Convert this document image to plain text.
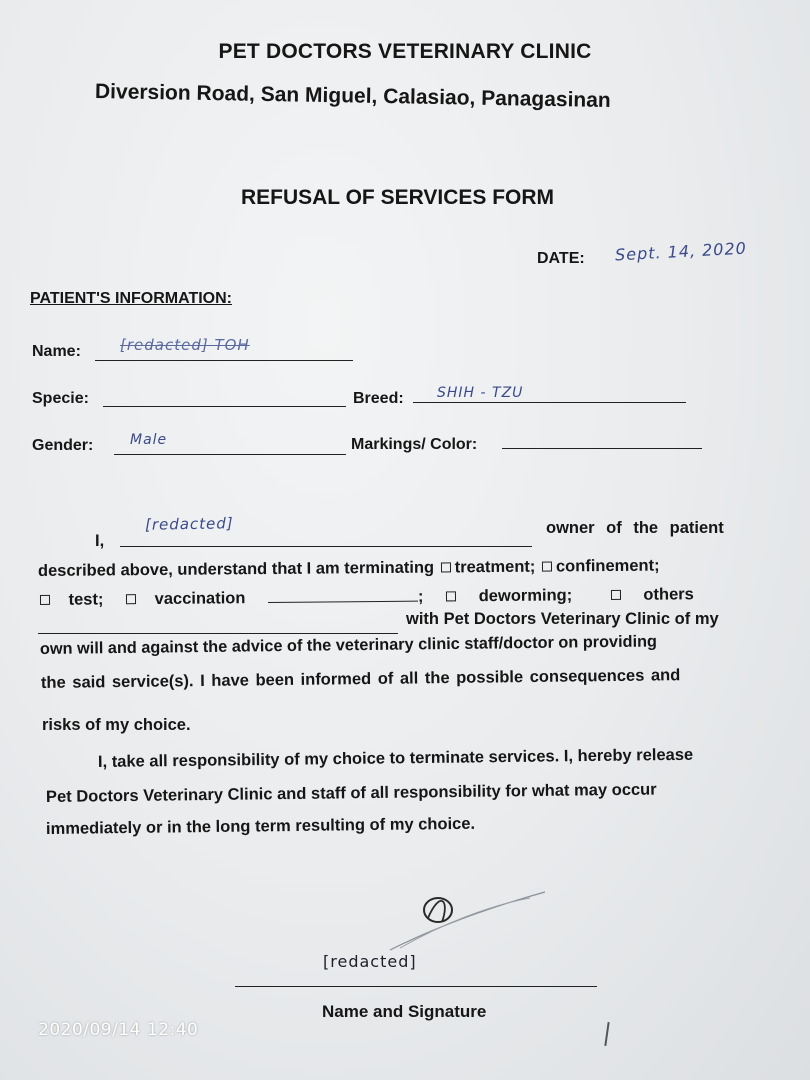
PET DOCTORS VETERINARY CLINIC
Diversion Road, San Miguel, Calasiao, Panagasinan
REFUSAL OF SERVICES FORM
DATE: Sept. 14, 2020
PATIENT'S INFORMATION:
Name:	[redacted] TOH
Specie:	Breed: SHIH - TZU
Gender:	Male	Markings/ Color:
I,
[redacted]	owner of the patient
described above, understand that I am terminating treatment; confinement;
test;	vaccination	;	deworming;	others
with Pet Doctors Veterinary Clinic of my
own will and against the advice of the veterinary clinic staff/doctor on providing
the said service(s). I have been informed of all the possible consequences and
risks of my choice.
I, take all responsibility of my choice to terminate services. I, hereby release
Pet Doctors Veterinary Clinic and staff of all responsibility for what may occur
immediately or in the long term resulting of my choice.
[redacted]
Name and Signature
2020/09/14 12:40
